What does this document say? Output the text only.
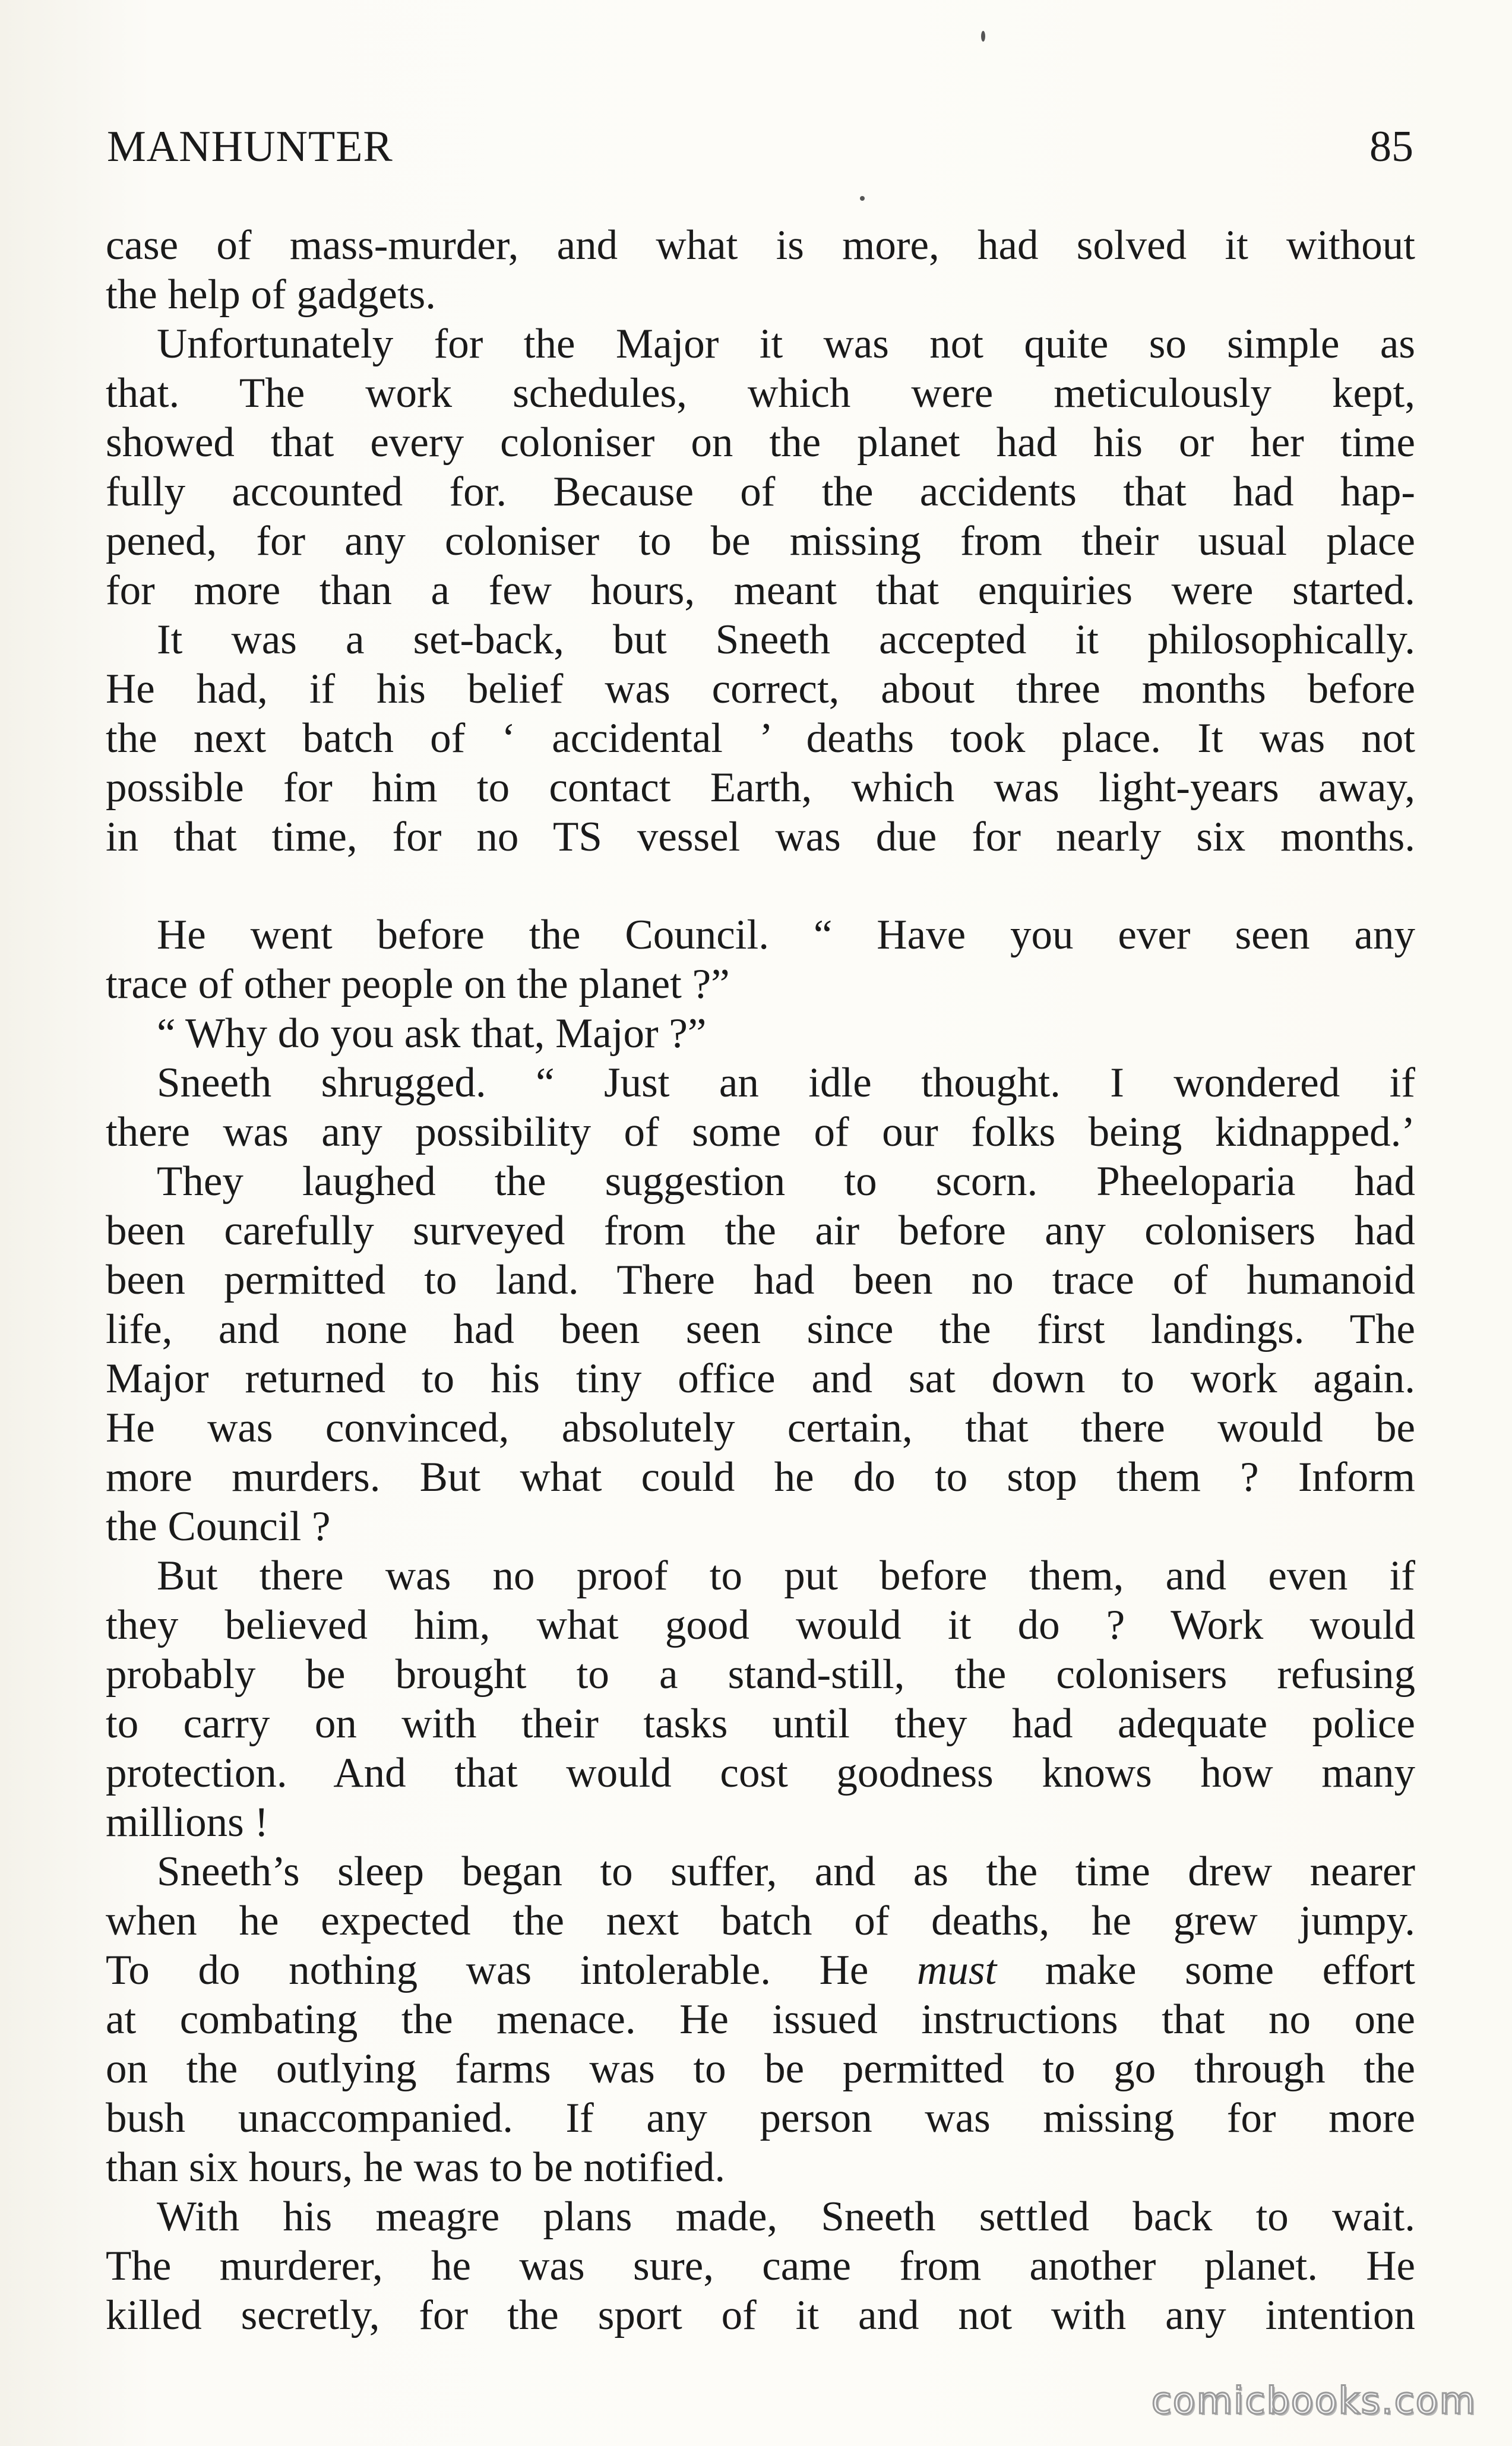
MANHUNTER	85
case of mass-murder, and what is more, had solved it without
the help of gadgets.
Unfortunately for the Major it was not quite so simple as
that. The work schedules, which were meticulously kept,
showed that every coloniser on the planet had his or her time
fully accounted for. Because of the accidents that had hap-
pened, for any coloniser to be missing from their usual place
for more than a few hours, meant that enquiries were started.
It was a set-back, but Sneeth accepted it philosophically.
He had, if his belief was correct, about three months before
the next batch of ‘ accidental ’ deaths took place. It was not
possible for him to contact Earth, which was light-years away,
in that time, for no TS vessel was due for nearly six months.
He went before the Council. “ Have you ever seen any
trace of other people on the planet ?”
“ Why do you ask that, Major ?”
Sneeth shrugged. “ Just an idle thought. I wondered if
there was any possibility of some of our folks being kidnapped.’
They laughed the suggestion to scorn. Pheeloparia had
been carefully surveyed from the air before any colonisers had
been permitted to land. There had been no trace of humanoid
life, and none had been seen since the first landings. The
Major returned to his tiny office and sat down to work again.
He was convinced, absolutely certain, that there would be
more murders. But what could he do to stop them ? Inform
the Council ?
But there was no proof to put before them, and even if
they believed him, what good would it do ? Work would
probably be brought to a stand-still, the colonisers refusing
to carry on with their tasks until they had adequate police
protection. And that would cost goodness knows how many
millions !
Sneeth’s sleep began to suffer, and as the time drew nearer
when he expected the next batch of deaths, he grew jumpy.
To do nothing was intolerable. He must make some effort
at combating the menace. He issued instructions that no one
on the outlying farms was to be permitted to go through the
bush unaccompanied. If any person was missing for more
than six hours, he was to be notified.
With his meagre plans made, Sneeth settled back to wait.
The murderer, he was sure, came from another planet. He
killed secretly, for the sport of it and not with any intention
comicbooks.com
